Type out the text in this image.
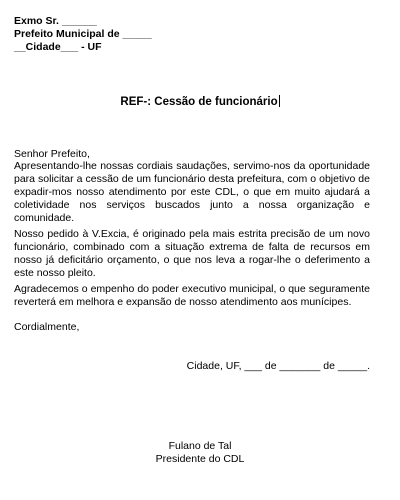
Exmo Sr. ______
Prefeito Municipal de _____
__Cidade___ - UF
REF-: Cessão de funcionário
Senhor Prefeito,
Apresentando-lhe nossas cordiais saudações, servimo-nos da oportunidade para solicitar a cessão de um funcionário desta prefeitura, com o objetivo de expadir-mos nosso atendimento por este CDL, o que em muito ajudará a coletividade nos serviços buscados junto a nossa organização e comunidade.
Nosso pedido à V.Excia, é originado pela mais estrita precisão de um novo funcionário, combinado com a situação extrema de falta de recursos em nosso já deficitário orçamento, o que nos leva a rogar-lhe o deferimento a este nosso pleito.
Agradecemos o empenho do poder executivo municipal, o que seguramente reverterá em melhora e expansão de nosso atendimento aos munícipes.
Cordialmente,
Cidade, UF, ___ de _______ de _____.
Fulano de Tal
Presidente do CDL
